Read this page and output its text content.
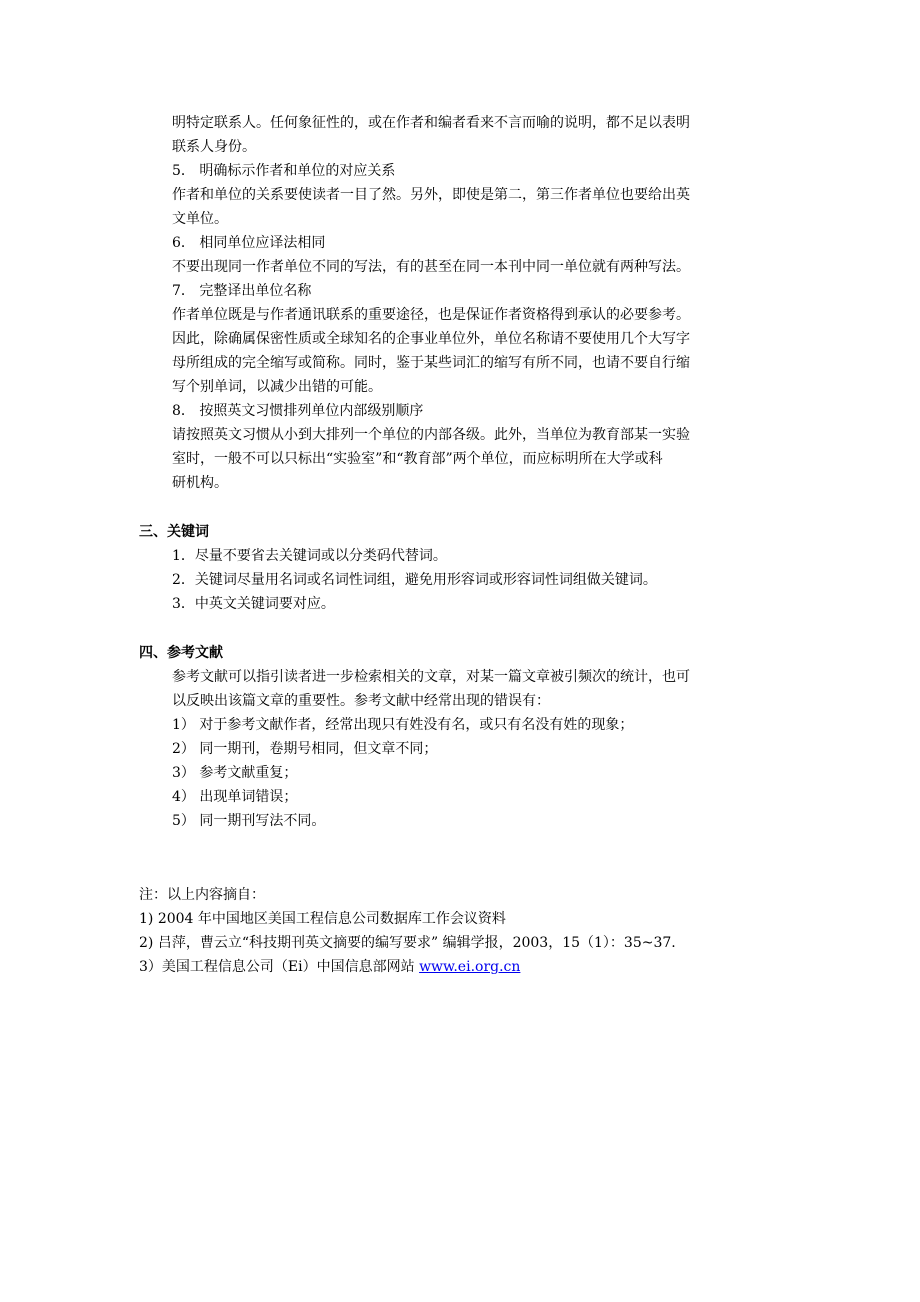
明特定联系人。任何象征性的，或在作者和编者看来不言而喻的说明，都不足以表明
联系人身份。
5． 明确标示作者和单位的对应关系
作者和单位的关系要使读者一目了然。另外，即使是第二，第三作者单位也要给出英
文单位。
6． 相同单位应译法相同
不要出现同一作者单位不同的写法，有的甚至在同一本刊中同一单位就有两种写法。
7． 完整译出单位名称
作者单位既是与作者通讯联系的重要途径，也是保证作者资格得到承认的必要参考。
因此，除确属保密性质或全球知名的企事业单位外，单位名称请不要使用几个大写字
母所组成的完全缩写或简称。同时，鉴于某些词汇的缩写有所不同，也请不要自行缩
写个别单词，以减少出错的可能。
8． 按照英文习惯排列单位内部级别顺序
请按照英文习惯从小到大排列一个单位的内部各级。此外，当单位为教育部某一实验
室时，一般不可以只标出“实验室”和“教育部”两个单位，而应标明所在大学或科
研机构。
三、关键词
1．尽量不要省去关键词或以分类码代替词。
2．关键词尽量用名词或名词性词组，避免用形容词或形容词性词组做关键词。
3．中英文关键词要对应。
四、参考文献
参考文献可以指引读者进一步检索相关的文章，对某一篇文章被引频次的统计，也可
以反映出该篇文章的重要性。参考文献中经常出现的错误有：
1） 对于参考文献作者，经常出现只有姓没有名，或只有名没有姓的现象；
2） 同一期刊，卷期号相同，但文章不同；
3） 参考文献重复；
4） 出现单词错误；
5） 同一期刊写法不同。
注：以上内容摘自：
1) 2004 年中国地区美国工程信息公司数据库工作会议资料
2) 吕萍，曹云立“科技期刊英文摘要的编写要求” 编辑学报，2003，15（1）：35~37.
3）美国工程信息公司（Ei）中国信息部网站 www.ei.org.cn
